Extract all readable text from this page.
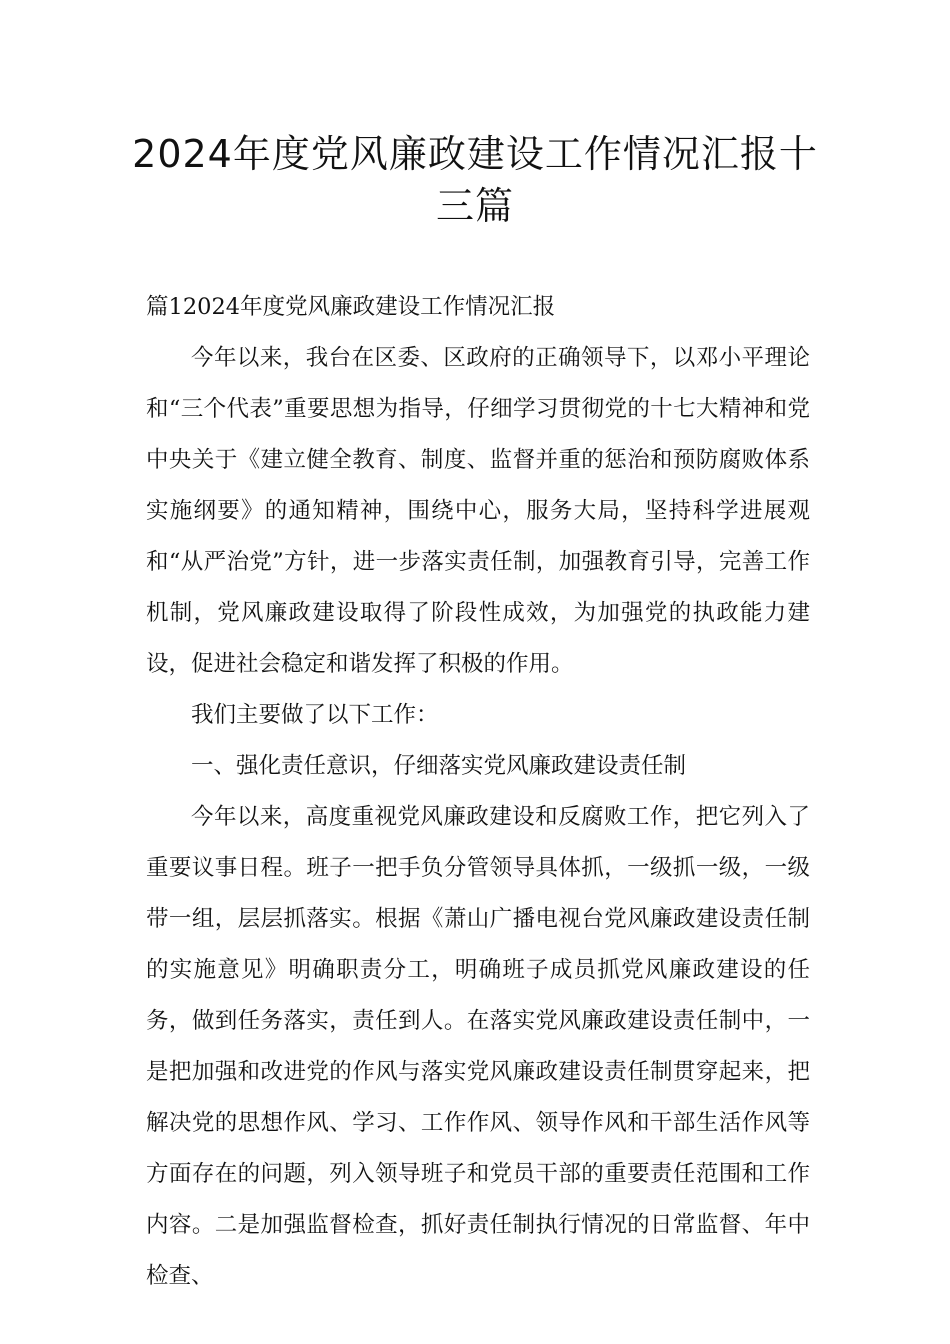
2024年度党风廉政建设工作情况汇报十三篇

篇12024年度党风廉政建设工作情况汇报

今年以来，我台在区委、区政府的正确领导下，以邓小平理论和“三个代表”重要思想为指导，仔细学习贯彻党的十七大精神和党中央关于《建立健全教育、制度、监督并重的惩治和预防腐败体系实施纲要》的通知精神，围绕中心，服务大局，坚持科学进展观和“从严治党”方针，进一步落实责任制，加强教育引导，完善工作机制，党风廉政建设取得了阶段性成效，为加强党的执政能力建设，促进社会稳定和谐发挥了积极的作用。

我们主要做了以下工作：

一、强化责任意识，仔细落实党风廉政建设责任制

今年以来，高度重视党风廉政建设和反腐败工作，把它列入了重要议事日程。班子一把手负分管领导具体抓，一级抓一级，一级带一组，层层抓落实。根据《萧山广播电视台党风廉政建设责任制的实施意见》明确职责分工，明确班子成员抓党风廉政建设的任务，做到任务落实，责任到人。在落实党风廉政建设责任制中，一是把加强和改进党的作风与落实党风廉政建设责任制贯穿起来，把解决党的思想作风、学习、工作作风、领导作风和干部生活作风等方面存在的问题，列入领导班子和党员干部的重要责任范围和工作内容。二是加强监督检查，抓好责任制执行情况的日常监督、年中检查、
